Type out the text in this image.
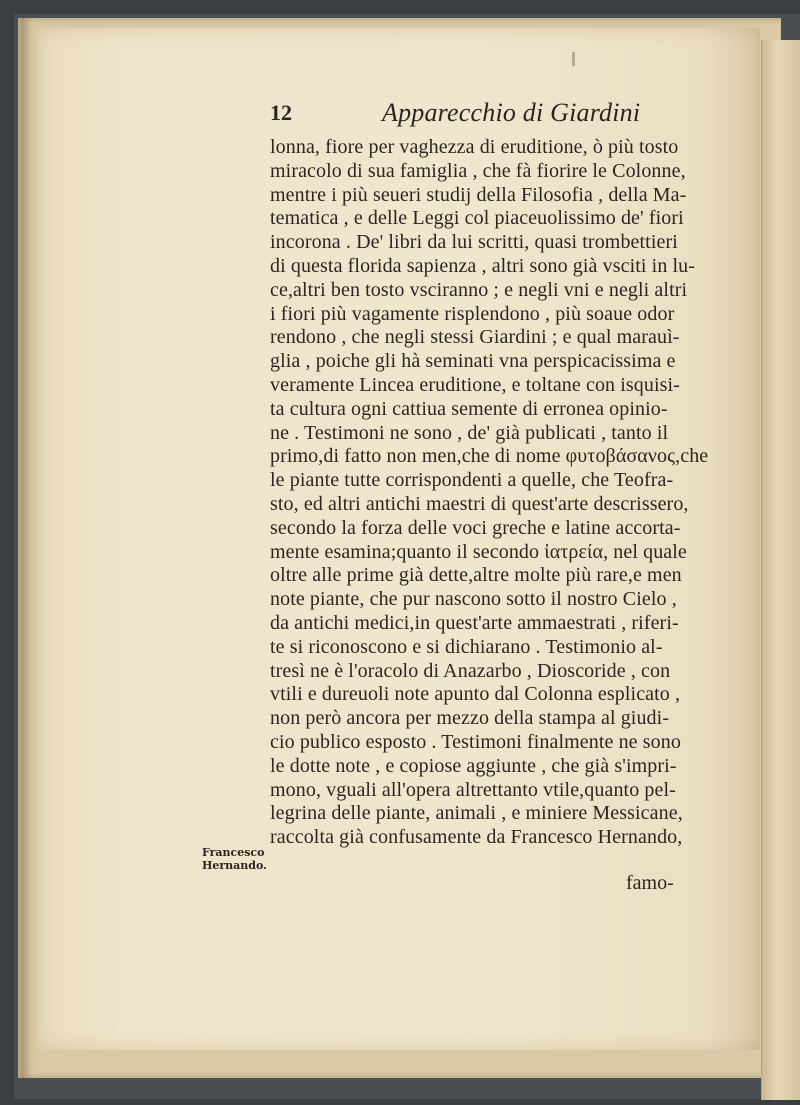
12	Apparecchio di Giardini
lonna, fiore per vaghezza di eruditione, ò più tosto
miracolo di sua famiglia , che fà fiorire le Colonne,
mentre i più seueri studij della Filosofia , della Ma-
tematica , e delle Leggi col piaceuolissimo de' fiori
incorona . De' libri da lui scritti, quasi trombettieri
di questa florida sapienza , altri sono già vsciti in lu-
ce,altri ben tosto vsciranno ; e negli vni e negli altri
i fiori più vagamente risplendono , più soaue odor
rendono , che negli stessi Giardini ; e qual marauì-
glia , poiche gli hà seminati vna perspicacissima e
veramente Lincea eruditione, e toltane con isquisi-
ta cultura ogni cattiua semente di erronea opinio-
ne . Testimoni ne sono , de' già publicati , tanto il
primo,di fatto non men,che di nome φυτοβάσανος,che
le piante tutte corrispondenti a quelle, che Teofra-
sto, ed altri antichi maestri di quest'arte descrissero,
secondo la forza delle voci greche e latine accorta-
mente esamina;quanto il secondo ἰατρεία, nel quale
oltre alle prime già dette,altre molte più rare,e men
note piante, che pur nascono sotto il nostro Cielo ,
da antichi medici,in quest'arte ammaestrati , riferi-
te si riconoscono e si dichiarano . Testimonio al-
tresì ne è l'oracolo di Anazarbo , Dioscoride , con
vtili e dureuoli note apunto dal Colonna esplicato ,
non però ancora per mezzo della stampa al giudi-
cio publico esposto . Testimoni finalmente ne sono
le dotte note , e copiose aggiunte , che già s'impri-
mono, vguali all'opera altrettanto vtile,quanto pel-
legrina delle piante, animali , e miniere Messicane,
raccolta già confusamente da Francesco Hernando,
Francesco
Hernando.
famo-
